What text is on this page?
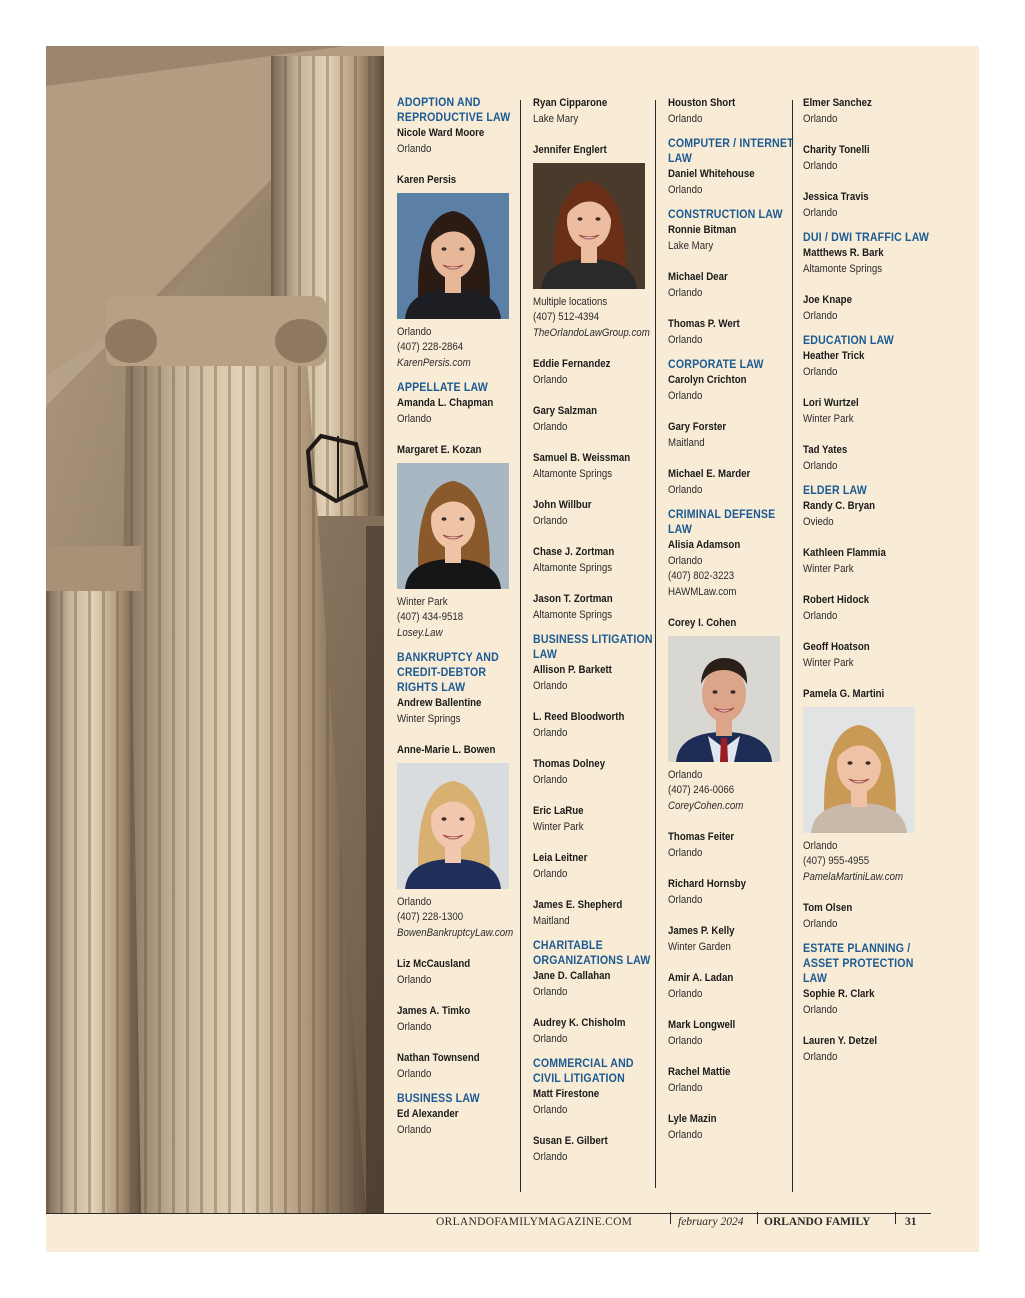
ADOPTION AND REPRODUCTIVE LAW
Nicole Ward Moore
Orlando
Karen Persis
Orlando
(407) 228-2864
KarenPersis.com
APPELLATE LAW
Amanda L. Chapman
Orlando
Margaret E. Kozan
Winter Park
(407) 434-9518
Losey.Law
BANKRUPTCY AND CREDIT-DEBTOR RIGHTS LAW
Andrew Ballentine
Winter Springs
Anne-Marie L. Bowen
Orlando
(407) 228-1300
BowenBankruptcyLaw.com
Liz McCausland
Orlando
James A. Timko
Orlando
Nathan Townsend
Orlando
BUSINESS LAW
Ed Alexander
Orlando
Ryan Cipparone
Lake Mary
Jennifer Englert
Multiple locations
(407) 512-4394
TheOrlandoLawGroup.com
Eddie Fernandez
Orlando
Gary Salzman
Orlando
Samuel B. Weissman
Altamonte Springs
John Willbur
Orlando
Chase J. Zortman
Altamonte Springs
Jason T. Zortman
Altamonte Springs
BUSINESS LITIGATION LAW
Allison P. Barkett
Orlando
L. Reed Bloodworth
Orlando
Thomas Dolney
Orlando
Eric LaRue
Winter Park
Leia Leitner
Orlando
James E. Shepherd
Maitland
CHARITABLE ORGANIZATIONS LAW
Jane D. Callahan
Orlando
Audrey K. Chisholm
Orlando
COMMERCIAL AND CIVIL LITIGATION
Matt Firestone
Orlando
Susan E. Gilbert
Orlando
Houston Short
Orlando
COMPUTER / INTERNET LAW
Daniel Whitehouse
Orlando
CONSTRUCTION LAW
Ronnie Bitman
Lake Mary
Michael Dear
Orlando
Thomas P. Wert
Orlando
CORPORATE LAW
Carolyn Crichton
Orlando
Gary Forster
Maitland
Michael E. Marder
Orlando
CRIMINAL DEFENSE LAW
Alisia Adamson
Orlando
(407) 802-3223
HAWMLaw.com
Corey I. Cohen
Orlando
(407) 246-0066
CoreyCohen.com
Thomas Feiter
Orlando
Richard Hornsby
Orlando
James P. Kelly
Winter Garden
Amir A. Ladan
Orlando
Mark Longwell
Orlando
Rachel Mattie
Orlando
Lyle Mazin
Orlando
Elmer Sanchez
Orlando
Charity Tonelli
Orlando
Jessica Travis
Orlando
DUI / DWI TRAFFIC LAW
Matthews R. Bark
Altamonte Springs
Joe Knape
Orlando
EDUCATION LAW
Heather Trick
Orlando
Lori Wurtzel
Winter Park
Tad Yates
Orlando
ELDER LAW
Randy C. Bryan
Oviedo
Kathleen Flammia
Winter Park
Robert Hidock
Orlando
Geoff Hoatson
Winter Park
Pamela G. Martini
Orlando
(407) 955-4955
PamelaMartiniLaw.com
Tom Olsen
Orlando
ESTATE PLANNING / ASSET PROTECTION LAW
Sophie R. Clark
Orlando
Lauren Y. Detzel
Orlando
ORLANDOFAMILYMAGAZINE.COM	february 2024 ORLANDO FAMILY	31
